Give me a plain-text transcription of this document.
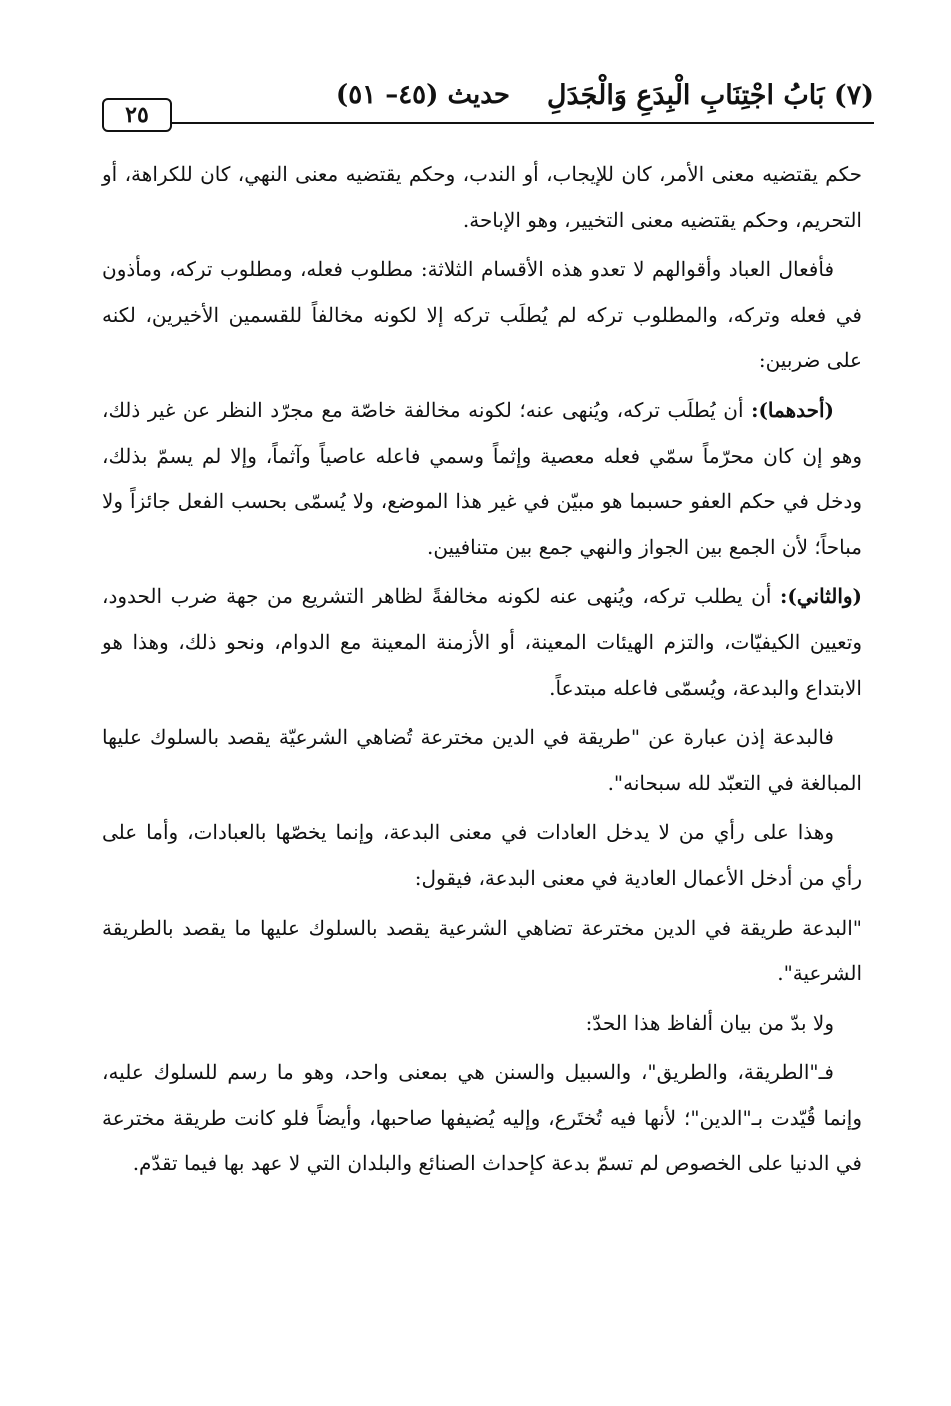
(٧) بَابُ اجْتِنَابِ الْبِدَعِ وَالْجَدَلِ
حديث (٤٥– ٥١)
٢٥

حكم يقتضيه معنى الأمر، كان للإيجاب، أو الندب، وحكم يقتضيه معنى النهي، كان للكراهة، أو التحريم، وحكم يقتضيه معنى التخيير، وهو الإباحة.

فأفعال العباد وأقوالهم لا تعدو هذه الأقسام الثلاثة: مطلوب فعله، ومطلوب تركه، ومأذون في فعله وتركه، والمطلوب تركه لم يُطلَب تركه إلا لكونه مخالفاً للقسمين الأخيرين، لكنه على ضربين:

(أحدهما): أن يُطلَب تركه، ويُنهى عنه؛ لكونه مخالفة خاصّة مع مجرّد النظر عن غير ذلك، وهو إن كان محرّماً سمّي فعله معصية وإثماً وسمي فاعله عاصياً وآثماً، وإلا لم يسمّ بذلك، ودخل في حكم العفو حسبما هو مبيّن في غير هذا الموضع، ولا يُسمّى بحسب الفعل جائزاً ولا مباحاً؛ لأن الجمع بين الجواز والنهي جمع بين متنافيين.

(والثاني): أن يطلب تركه، ويُنهى عنه لكونه مخالفةً لظاهر التشريع من جهة ضرب الحدود، وتعيين الكيفيّات، والتزم الهيئات المعينة، أو الأزمنة المعينة مع الدوام، ونحو ذلك، وهذا هو الابتداع والبدعة، ويُسمّى فاعله مبتدعاً.

فالبدعة إذن عبارة عن "طريقة في الدين مخترعة تُضاهي الشرعيّة يقصد بالسلوك عليها المبالغة في التعبّد لله سبحانه".

وهذا على رأي من لا يدخل العادات في معنى البدعة، وإنما يخصّها بالعبادات، وأما على رأي من أدخل الأعمال العادية في معنى البدعة، فيقول:

"البدعة طريقة في الدين مخترعة تضاهي الشرعية يقصد بالسلوك عليها ما يقصد بالطريقة الشرعية".

ولا بدّ من بيان ألفاظ هذا الحدّ:

فـ"الطريقة، والطريق"، والسبيل والسنن هي بمعنى واحد، وهو ما رسم للسلوك عليه، وإنما قُيّدت بـ"الدين"؛ لأنها فيه تُختَرع، وإليه يُضيفها صاحبها، وأيضاً فلو كانت طريقة مخترعة في الدنيا على الخصوص لم تسمّ بدعة كإحداث الصنائع والبلدان التي لا عهد بها فيما تقدّم.
